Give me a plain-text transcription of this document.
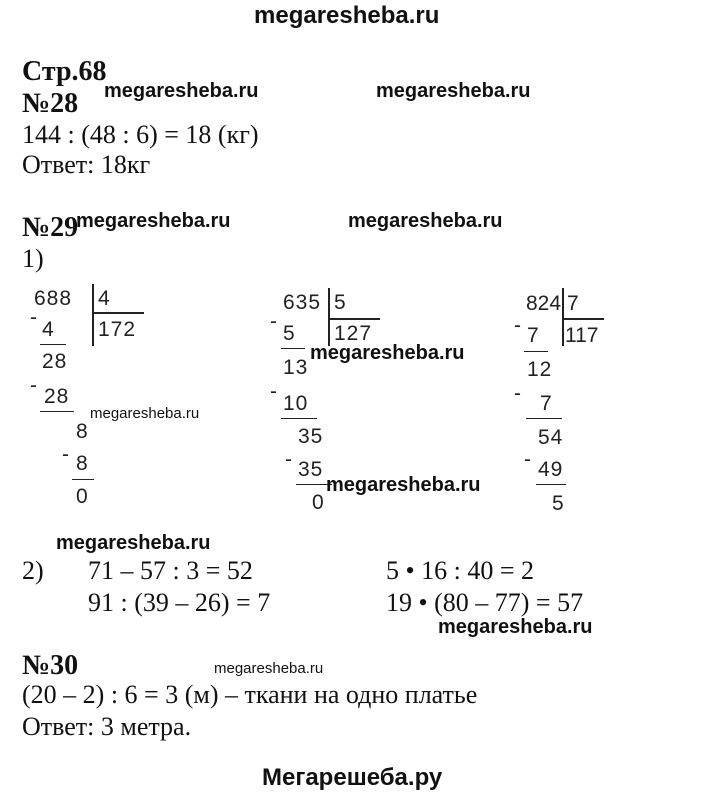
megaresheba.ru
Стр.68
№28 megaresheba.ru	megaresheba.ru
144 : (48 : 6) = 18 (кг)
Ответ: 18кг
№29
megaresheba.ru	megaresheba.ru
1)
688 4
172
-
4
28
- 28
8
- 8
0
megaresheba.ru
635 5
127
-
5
13
-
10
35
- 35
0
megaresheba.ru
megaresheba.ru
824 7
117
- 7
12
- 7
54
- 49
5
megaresheba.ru
2) 71 – 57 : 3 = 52
91 : (39 – 26) = 7
5 • 16 : 40 = 2
19 • (80 – 77) = 57
megaresheba.ru
№30	megaresheba.ru
(20 – 2) : 6 = 3 (м) – ткани на одно платье
Ответ: 3 метра.
Мегарешеба.ру
